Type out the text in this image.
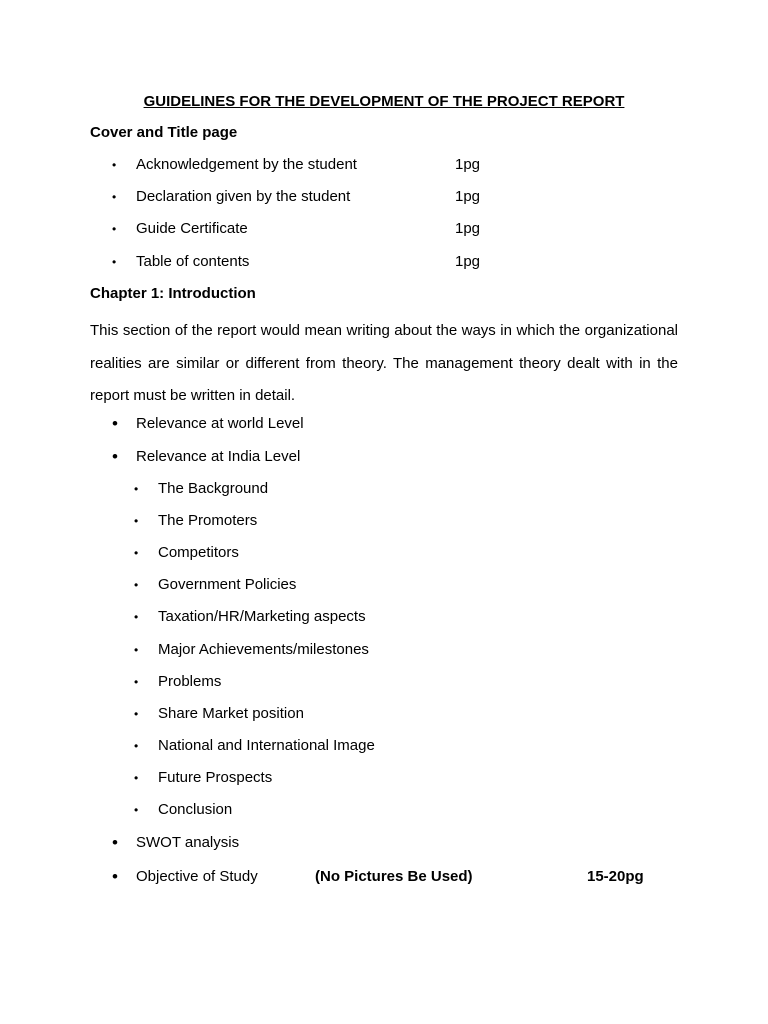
GUIDELINES FOR THE DEVELOPMENT OF THE PROJECT REPORT
Cover and Title page
• Acknowledgement by the student	1pg
• Declaration given by the student	1pg
• Guide Certificate	1pg
• Table of contents	1pg
Chapter 1: Introduction

This section of the report would mean writing about the ways in which the organizational realities are similar or different from theory. The management theory dealt with in the report must be written in detail.

• Relevance at world Level
• Relevance at India Level
• The Background
• The Promoters
• Competitors
• Government Policies
• Taxation/HR/Marketing aspects
• Major Achievements/milestones
• Problems
• Share Market position
• National and International Image
• Future Prospects
• Conclusion
• SWOT analysis
• Objective of Study	(No Pictures Be Used)	15-20pg
